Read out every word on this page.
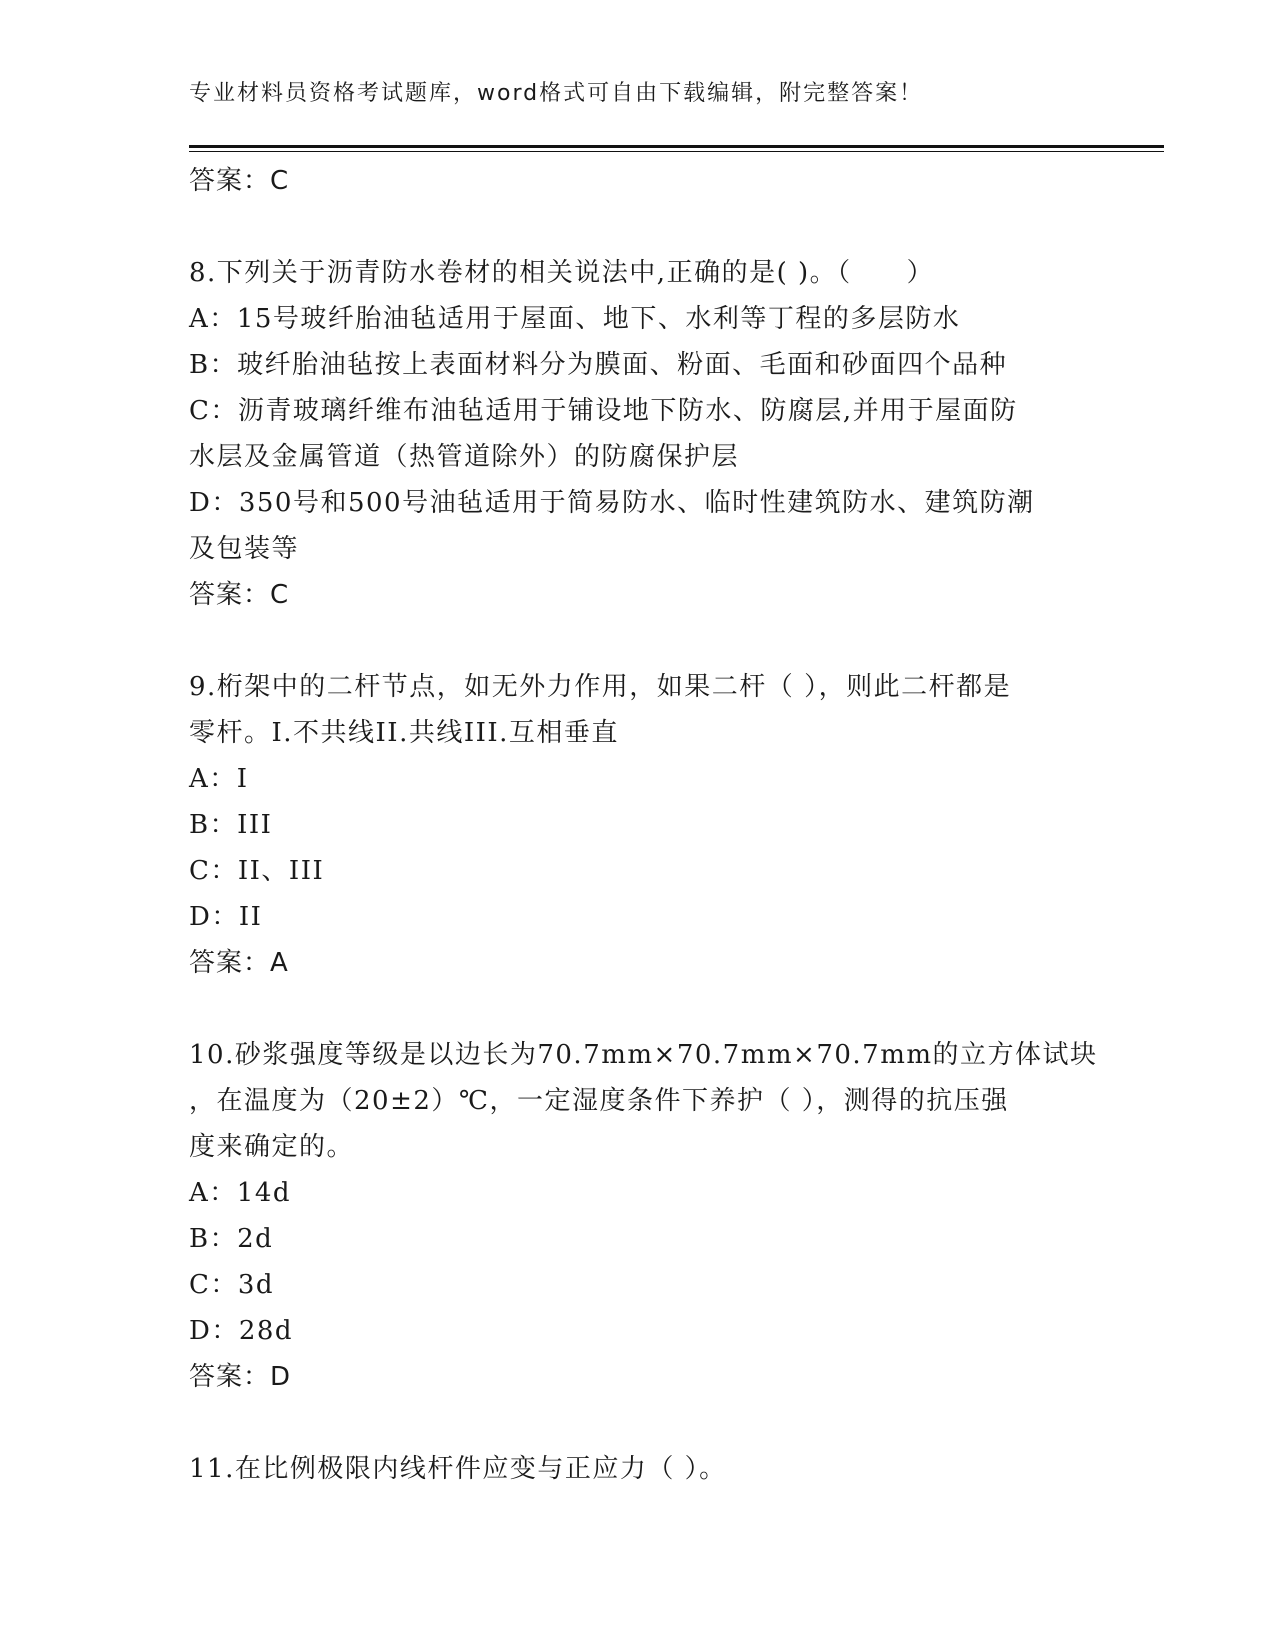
专业材料员资格考试题库，word格式可自由下载编辑，附完整答案！
答案：C
8.下列关于沥青防水卷材的相关说法中,正确的是( )。（　　）
A：15号玻纤胎油毡适用于屋面、地下、水利等丁程的多层防水
B：玻纤胎油毡按上表面材料分为膜面、粉面、毛面和砂面四个品种
C：沥青玻璃纤维布油毡适用于铺设地下防水、防腐层,并用于屋面防
水层及金属管道（热管道除外）的防腐保护层
D：350号和500号油毡适用于简易防水、临时性建筑防水、建筑防潮
及包装等
答案：C
9.桁架中的二杆节点，如无外力作用，如果二杆（ ），则此二杆都是
零杆。I.不共线II.共线III.互相垂直
A：I
B：III
C：II、III
D：II
答案：A
10.砂浆强度等级是以边长为70.7mm×70.7mm×70.7mm的立方体试块
，在温度为（20±2）℃，一定湿度条件下养护（ ），测得的抗压强
度来确定的。
A：14d
B：2d
C：3d
D：28d
答案：D
11.在比例极限内线杆件应变与正应力（ ）。
